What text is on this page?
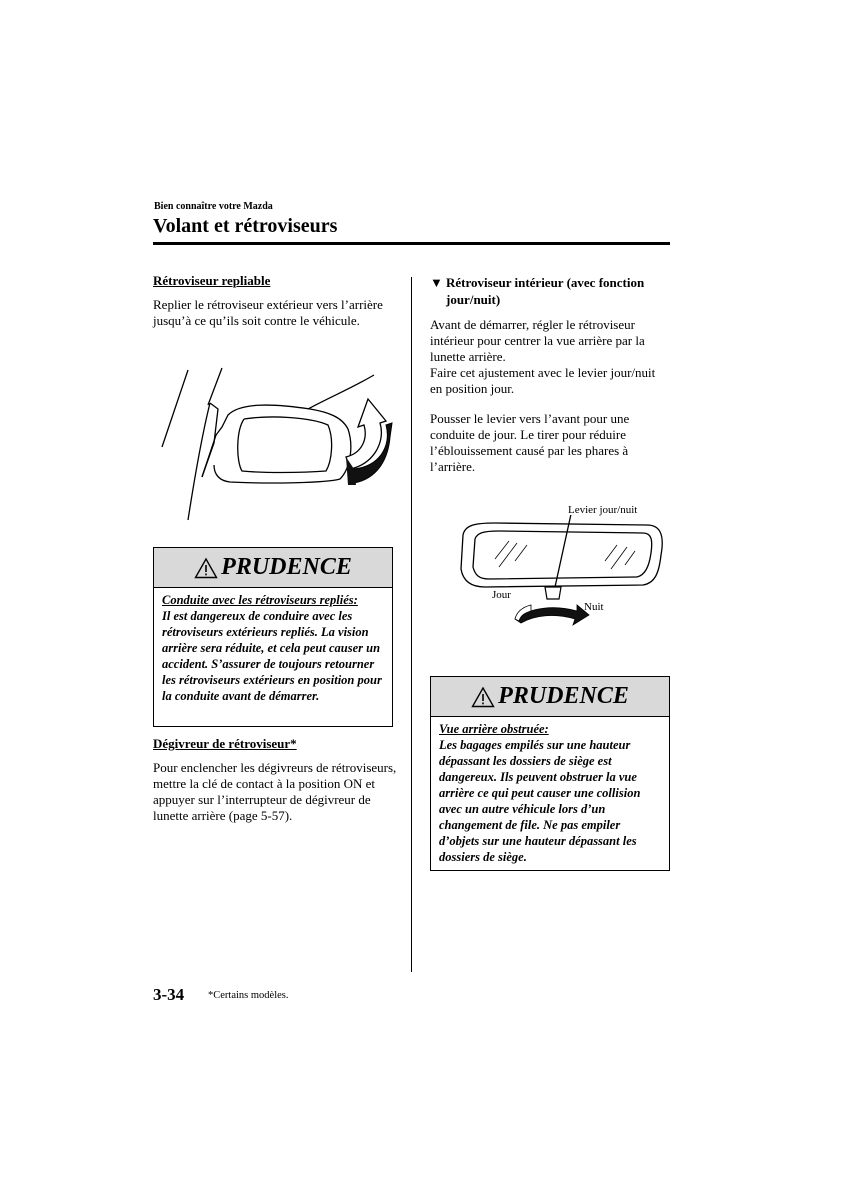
Bien connaître votre Mazda
Volant et rétroviseurs
Rétroviseur repliable
Replier le rétroviseur extérieur vers l’arrière jusqu’à ce qu’ils soit contre le véhicule.
PRUDENCE
Conduite avec les rétroviseurs repliés:
Il est dangereux de conduire avec les rétroviseurs extérieurs repliés. La vision arrière sera réduite, et cela peut causer un accident. S’assurer de toujours retourner les rétroviseurs extérieurs en position pour la conduite avant de démarrer.
Dégivreur de rétroviseur*
Pour enclencher les dégivreurs de rétroviseurs, mettre la clé de contact à la position ON et appuyer sur l’interrupteur de dégivreur de lunette arrière (page 5-57).
▼ Rétroviseur intérieur (avec fonction jour/nuit)
Avant de démarrer, régler le rétroviseur intérieur pour centrer la vue arrière par la lunette arrière.
Faire cet ajustement avec le levier jour/nuit en position jour.
Pousser le levier vers l’avant pour une conduite de jour. Le tirer pour réduire l’éblouissement causé par les phares à l’arrière.
Levier jour/nuit
Jour
Nuit
PRUDENCE
Vue arrière obstruée:
Les bagages empilés sur une hauteur dépassant les dossiers de siège est dangereux. Ils peuvent obstruer la vue arrière ce qui peut causer une collision avec un autre véhicule lors d’un changement de file. Ne pas empiler d’objets sur une hauteur dépassant les dossiers de siège.
3-34 *Certains modèles.
